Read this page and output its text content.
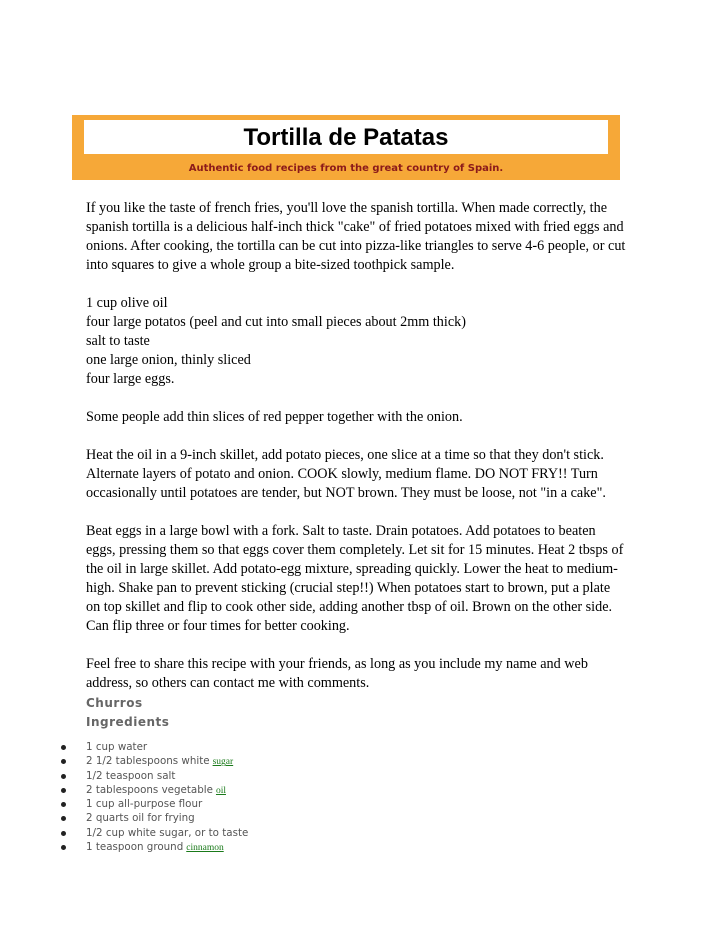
Tortilla de Patatas
Authentic food recipes from the great country of Spain.

If you like the taste of french fries, you'll love the spanish tortilla. When made correctly, the spanish tortilla is a delicious half-inch thick "cake" of fried potatoes mixed with fried eggs and onions. After cooking, the tortilla can be cut into pizza-like triangles to serve 4-6 people, or cut into squares to give a whole group a bite-sized toothpick sample.

1 cup olive oil
four large potatos (peel and cut into small pieces about 2mm thick)
salt to taste
one large onion, thinly sliced
four large eggs.

Some people add thin slices of red pepper together with the onion.

Heat the oil in a 9-inch skillet, add potato pieces, one slice at a time so that they don't stick. Alternate layers of potato and onion. COOK slowly, medium flame. DO NOT FRY!! Turn occasionally until potatoes are tender, but NOT brown. They must be loose, not "in a cake".

Beat eggs in a large bowl with a fork. Salt to taste. Drain potatoes. Add potatoes to beaten eggs, pressing them so that eggs cover them completely. Let sit for 15 minutes. Heat 2 tbsps of the oil in large skillet. Add potato-egg mixture, spreading quickly. Lower the heat to medium-high. Shake pan to prevent sticking (crucial step!!) When potatoes start to brown, put a plate on top skillet and flip to cook other side, adding another tbsp of oil. Brown on the other side. Can flip three or four times for better cooking.

Feel free to share this recipe with your friends, as long as you include my name and web address, so others can contact me with comments.

Churros
Ingredients
1 cup water
2 1/2 tablespoons white sugar
1/2 teaspoon salt
2 tablespoons vegetable oil
1 cup all-purpose flour
2 quarts oil for frying
1/2 cup white sugar, or to taste
1 teaspoon ground cinnamon
